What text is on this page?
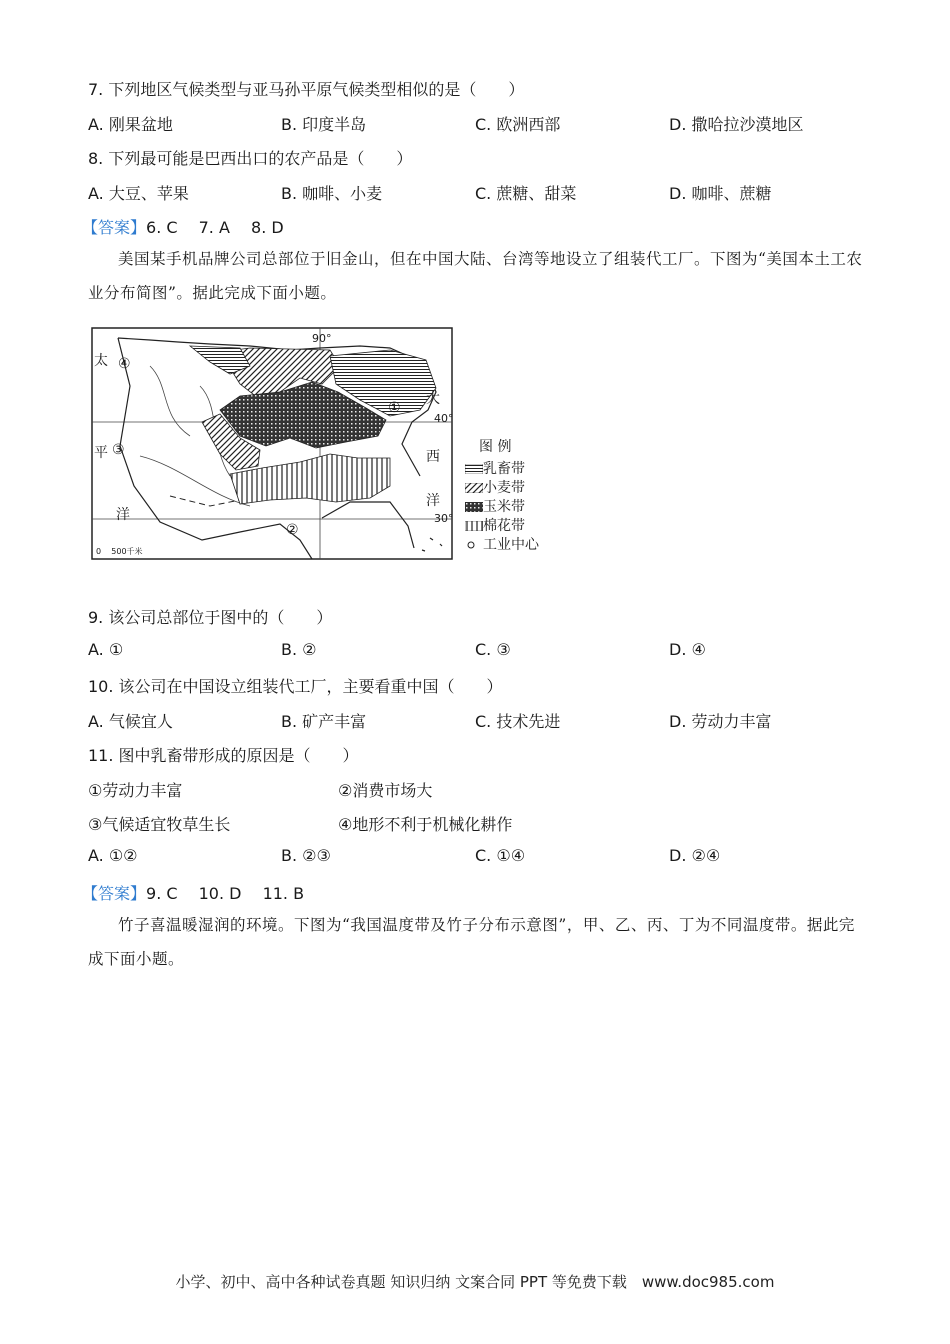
7. 下列地区气候类型与亚马孙平原气候类型相似的是（　　）
A. 刚果盆地	B. 印度半岛	C. 欧洲西部	D. 撒哈拉沙漠地区
8. 下列最可能是巴西出口的农产品是（　　）
A. 大豆、苹果	B. 咖啡、小麦	C. 蔗糖、甜菜	D. 咖啡、蔗糖
【答案】6. C　 7. A　 8. D
美国某手机品牌公司总部位于旧金山，但在中国大陆、台湾等地设立了组装代工厂。下图为“美国本土工农业分布简图”。据此完成下面小题。
太
平
洋
大
西
洋
90°
40°
30°
①
②
③
④
0    500千米
图 例
乳畜带
小麦带
玉米带
棉花带
工业中心
9. 该公司总部位于图中的（　　）
A. ①	B. ②	C. ③	D. ④
10. 该公司在中国设立组装代工厂，主要看重中国（　　）
A. 气候宜人	B. 矿产丰富	C. 技术先进	D. 劳动力丰富
11. 图中乳畜带形成的原因是（　　）
①劳动力丰富	②消费市场大
③气候适宜牧草生长	④地形不利于机械化耕作
A. ①②	B. ②③	C. ①④	D. ②④
【答案】9. C　 10. D　 11. B
竹子喜温暖湿润的环境。下图为“我国温度带及竹子分布示意图”，甲、乙、丙、丁为不同温度带。据此完成下面小题。
小学、初中、高中各种试卷真题 知识归纳 文案合同 PPT 等免费下载　www.doc985.com
